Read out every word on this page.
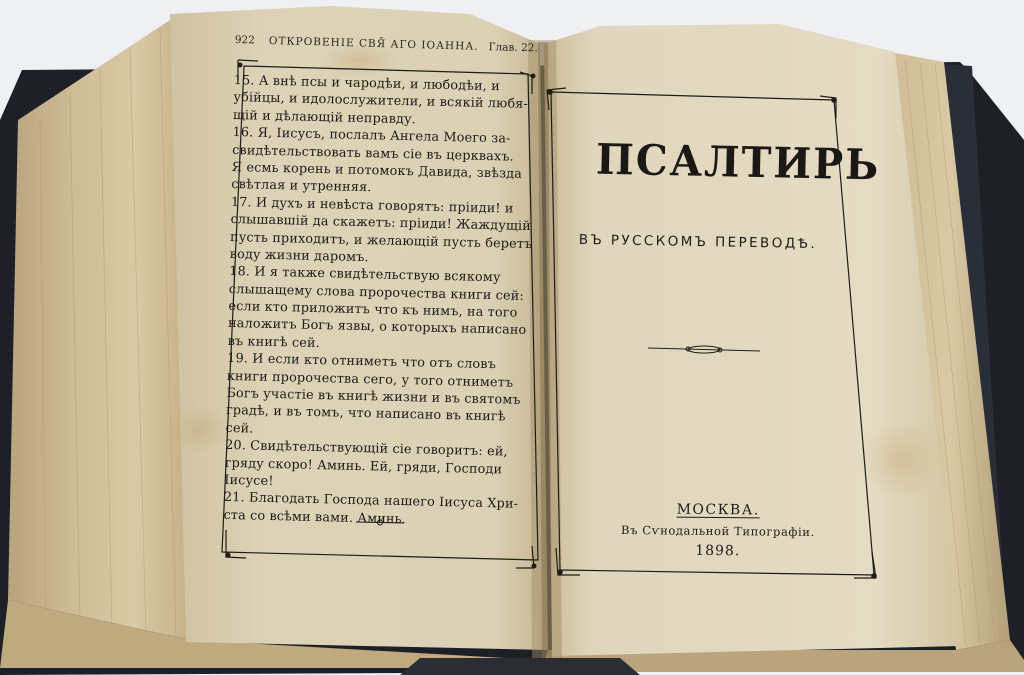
922 ОТКРОВЕНІЕ СВЯ̃ АГО ІОАННА. Глав. 22.
15. А внѣ псы и чародѣи, и любодѣи, и
убійцы, и идолослужители, и всякій любя-
щій и дѣлающій неправду.
16. Я, Іисусъ, послалъ Ангела Моего за-
свидѣтельствовать вамъ сіе въ церквахъ.
Я есмь корень и потомокъ Давида, звѣзда
свѣтлая и утренняя.
17. И духъ и невѣста говорятъ: пріиди! и
слышавшій да скажетъ: пріиди! Жаждущій
пусть приходитъ, и желающій пусть беретъ
воду жизни даромъ.
18. И я также свидѣтельствую всякому
слышащему слова пророчества книги сей:
если кто приложитъ что къ нимъ, на того
наложитъ Богъ язвы, о которыхъ написано
въ книгѣ сей.
19. И если кто отниметъ что отъ словъ
книги пророчества сего, у того отниметъ
Богъ участіе въ книгѣ жизни и въ святомъ
градѣ, и въ томъ, что написано въ книгѣ
сей.
20. Свидѣтельствующій сіе говоритъ: ей,
гряду скоро! Аминь. Ей, гряди, Господи
Іисусе!
21. Благодать Господа нашего Іисуса Хри-
ста со всѣми вами. Аминь.
ПСАЛТИРЬ
ВЪ РУССКОМЪ ПЕРЕВОДѢ.
МОСКВА.
Въ Сѵнодальной Типографіи.
1898.
